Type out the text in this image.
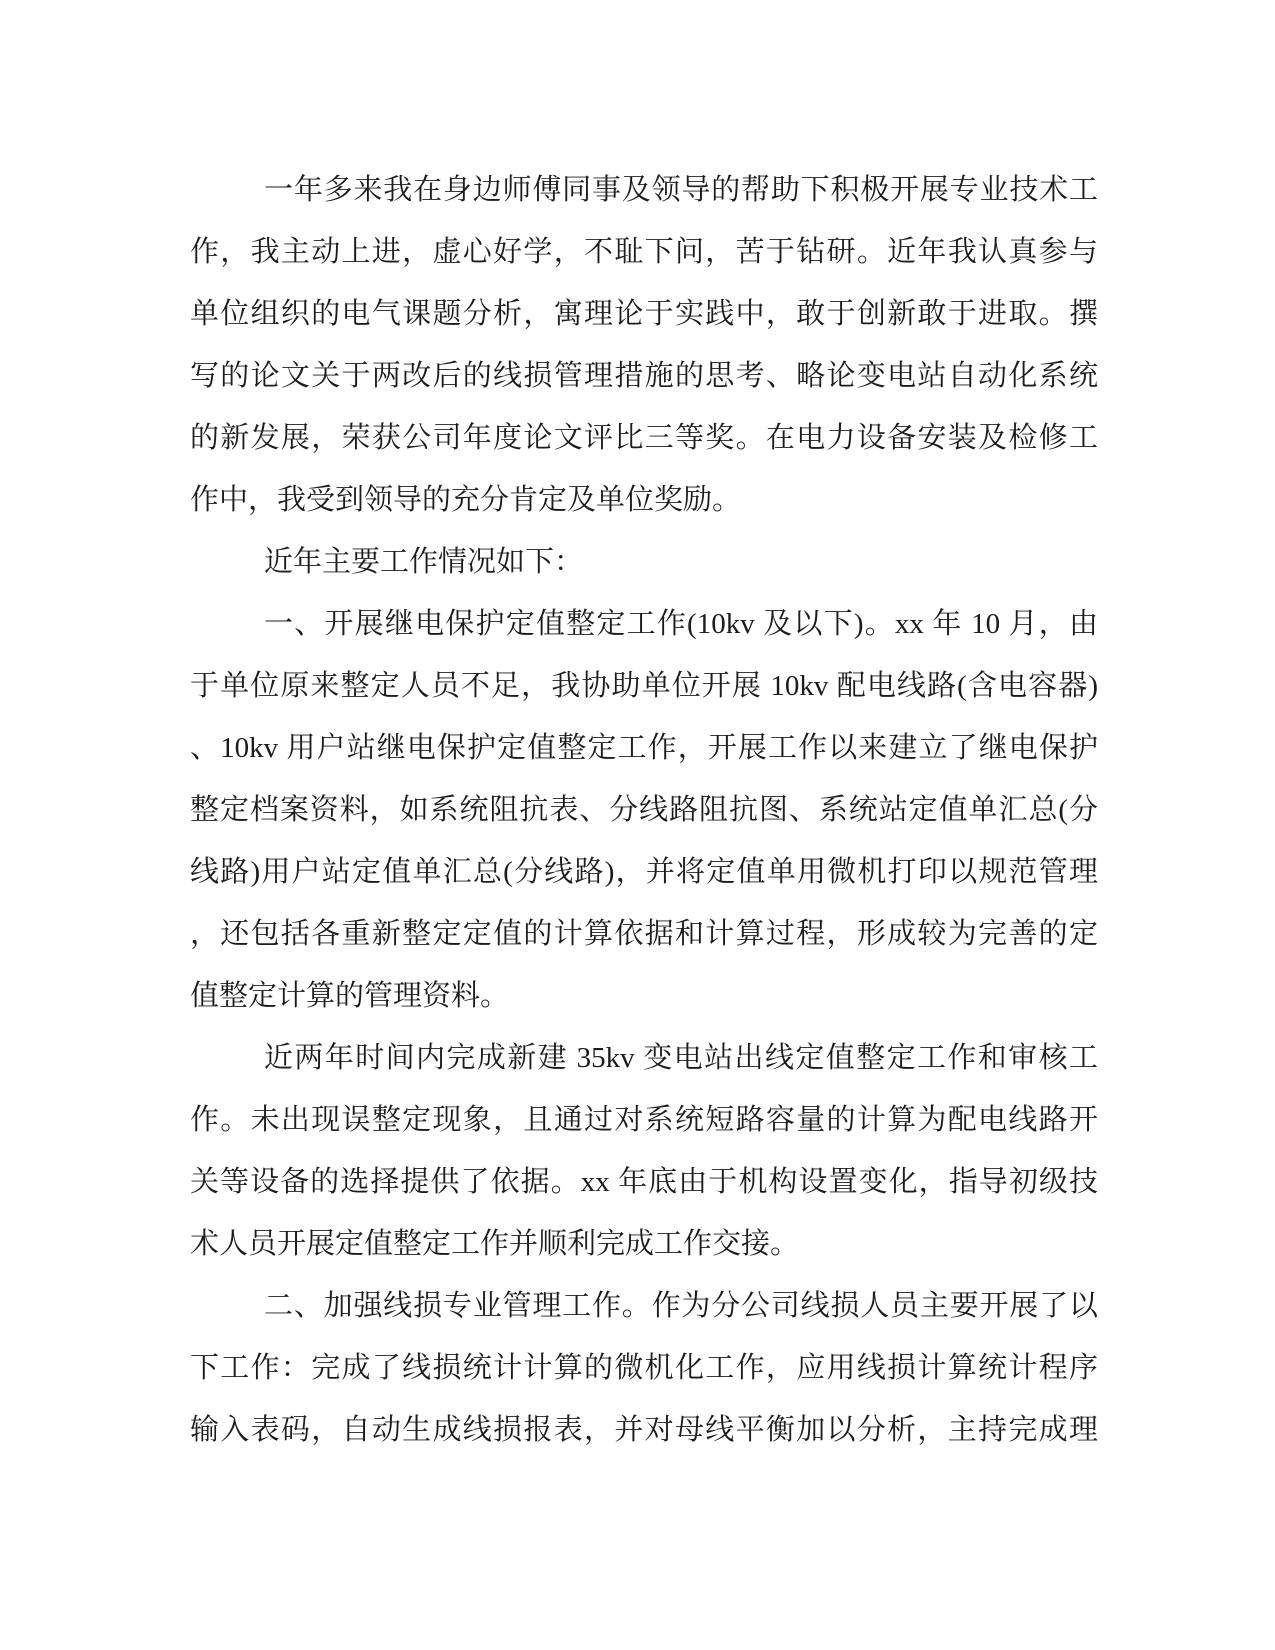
一年多来我在身边师傅同事及领导的帮助下积极开展专业技术工
作，我主动上进，虚心好学，不耻下问，苦于钻研。近年我认真参与
单位组织的电气课题分析，寓理论于实践中，敢于创新敢于进取。撰
写的论文关于两改后的线损管理措施的思考、略论变电站自动化系统
的新发展，荣获公司年度论文评比三等奖。在电力设备安装及检修工
作中，我受到领导的充分肯定及单位奖励。
近年主要工作情况如下：
一、开展继电保护定值整定工作(10kv 及以下)。xx 年 10 月，由
于单位原来整定人员不足，我协助单位开展 10kv 配电线路(含电容器)
、10kv 用户站继电保护定值整定工作，开展工作以来建立了继电保护
整定档案资料，如系统阻抗表、分线路阻抗图、系统站定值单汇总(分
线路)用户站定值单汇总(分线路)，并将定值单用微机打印以规范管理
，还包括各重新整定定值的计算依据和计算过程，形成较为完善的定
值整定计算的管理资料。
近两年时间内完成新建 35kv 变电站出线定值整定工作和审核工
作。未出现误整定现象，且通过对系统短路容量的计算为配电线路开
关等设备的选择提供了依据。xx 年底由于机构设置变化，指导初级技
术人员开展定值整定工作并顺利完成工作交接。
二、加强线损专业管理工作。作为分公司线损人员主要开展了以
下工作：完成了线损统计计算的微机化工作，应用线损计算统计程序
输入表码，自动生成线损报表，并对母线平衡加以分析，主持完成理
